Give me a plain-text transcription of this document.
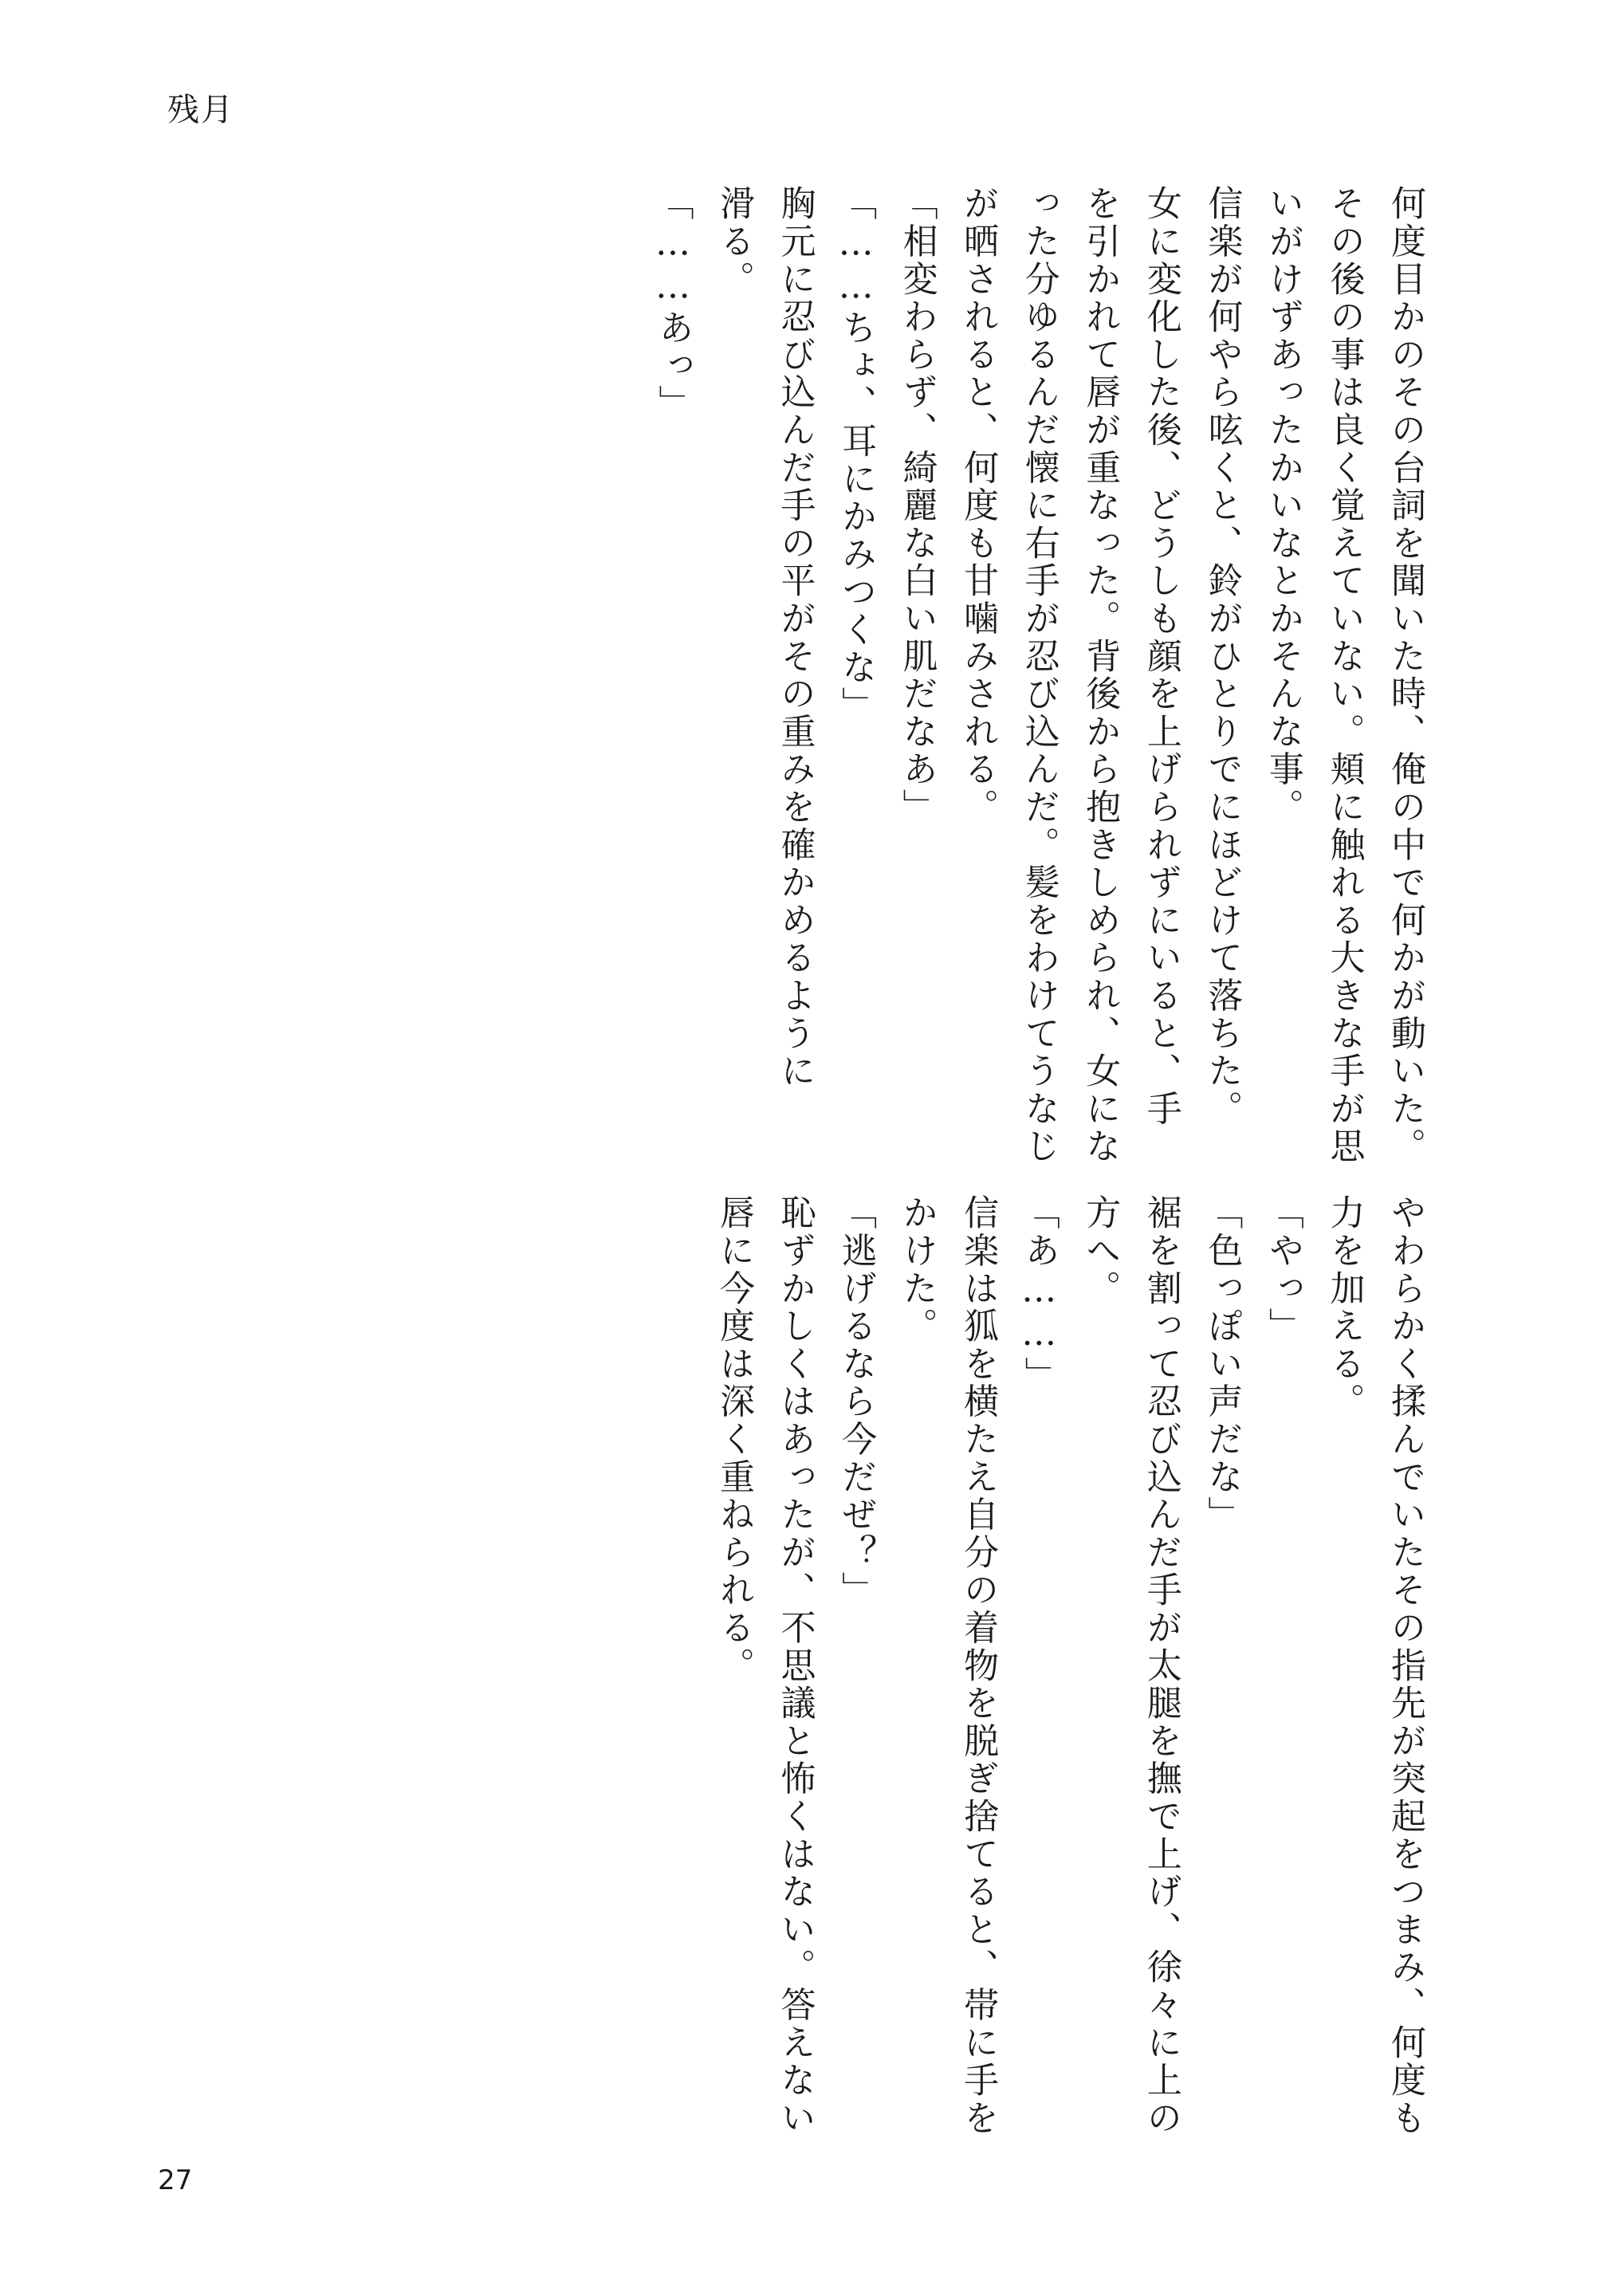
残月
何度目かのその台詞を聞いた時、俺の中で何かが動いた。
その後の事は良く覚えていない。頬に触れる大きな手が思
いがけずあったかいなとかそんな事。
信楽が何やら呟くと、鈴がひとりでにほどけて落ちた。
女に変化した後、どうしも顔を上げられずにいると、手
を引かれて唇が重なった。背後から抱きしめられ、女にな
った分ゆるんだ懐に右手が忍び込んだ。髪をわけてうなじ
が晒されると、何度も甘噛みされる。
「相変わらず、綺麗な白い肌だなあ」
「……ちょ、耳にかみつくな」
胸元に忍び込んだ手の平がその重みを確かめるように
滑る。
「……あっ」
やわらかく揉んでいたその指先が突起をつまみ、何度も
力を加える。
「やっ」
「色っぽい声だな」
裾を割って忍び込んだ手が太腿を撫で上げ、徐々に上の
方へ。
「あ……」
信楽は狐を横たえ自分の着物を脱ぎ捨てると、帯に手を
かけた。
「逃げるなら今だぜ？」
恥ずかしくはあったが、不思議と怖くはない。答えない
唇に今度は深く重ねられる。
27
